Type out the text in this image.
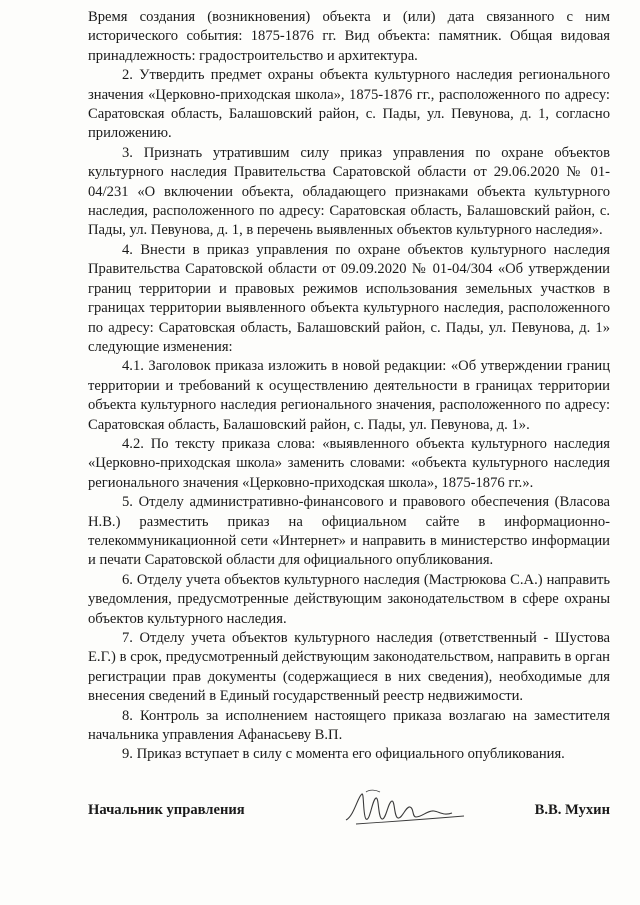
Время создания (возникновения) объекта и (или) дата связанного с ним исторического события: 1875-1876 гг. Вид объекта: памятник. Общая видовая принадлежность: градостроительство и архитектура.

2. Утвердить предмет охраны объекта культурного наследия регионального значения «Церковно-приходская школа», 1875-1876 гг., расположенного по адресу: Саратовская область, Балашовский район, с. Пады, ул. Певунова, д. 1, согласно приложению.

3. Признать утратившим силу приказ управления по охране объектов культурного наследия Правительства Саратовской области от 29.06.2020 № 01-04/231 «О включении объекта, обладающего признаками объекта культурного наследия, расположенного по адресу: Саратовская область, Балашовский район, с. Пады, ул. Певунова, д. 1, в перечень выявленных объектов культурного наследия».

4. Внести в приказ управления по охране объектов культурного наследия Правительства Саратовской области от 09.09.2020 № 01-04/304 «Об утверждении границ территории и правовых режимов использования земельных участков в границах территории выявленного объекта культурного наследия, расположенного по адресу: Саратовская область, Балашовский район, с. Пады, ул. Певунова, д. 1» следующие изменения:

4.1. Заголовок приказа изложить в новой редакции: «Об утверждении границ территории и требований к осуществлению деятельности в границах территории объекта культурного наследия регионального значения, расположенного по адресу: Саратовская область, Балашовский район, с. Пады, ул. Певунова, д. 1».

4.2. По тексту приказа слова: «выявленного объекта культурного наследия «Церковно-приходская школа» заменить словами: «объекта культурного наследия регионального значения «Церковно-приходская школа», 1875-1876 гг.».

5. Отделу административно-финансового и правового обеспечения (Власова Н.В.) разместить приказ на официальном сайте в информационно-телекоммуникационной сети «Интернет» и направить в министерство информации и печати Саратовской области для официального опубликования.

6. Отделу учета объектов культурного наследия (Мастрюкова С.А.) направить уведомления, предусмотренные действующим законодательством в сфере охраны объектов культурного наследия.

7. Отделу учета объектов культурного наследия (ответственный - Шустова Е.Г.) в срок, предусмотренный действующим законодательством, направить в орган регистрации прав документы (содержащиеся в них сведения), необходимые для внесения сведений в Единый государственный реестр недвижимости.

8. Контроль за исполнением настоящего приказа возлагаю на заместителя начальника управления Афанасьеву В.П.

9. Приказ вступает в силу с момента его официального опубликования.

Начальник управления	В.В. Мухин
